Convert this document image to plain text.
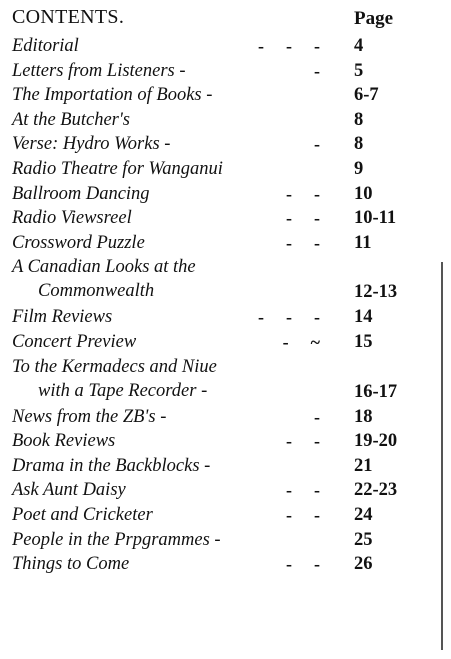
CONTENTS.	Page
Editorial	--- 4
Letters from Listeners -	- 5
The Importation of Books -	6-7
At the Butcher's	8
Verse: Hydro Works -	- 8
Radio Theatre for Wanganui	9
Ballroom Dancing	-- 10
Radio Viewsreel	-- 10-11
Crossword Puzzle	-- 11
A Canadian Looks at the
Commonwealth	12-13
Film Reviews	--- 14
Concert Preview	-~ 15
To the Kermadecs and Niue
with a Tape Recorder -	16-17
News from the ZB's -	- 18
Book Reviews	-- 19-20
Drama in the Backblocks -	21
Ask Aunt Daisy	-- 22-23
Poet and Cricketer	-- 24
People in the Prpgrammes -	25
Things to Come	-- 26
